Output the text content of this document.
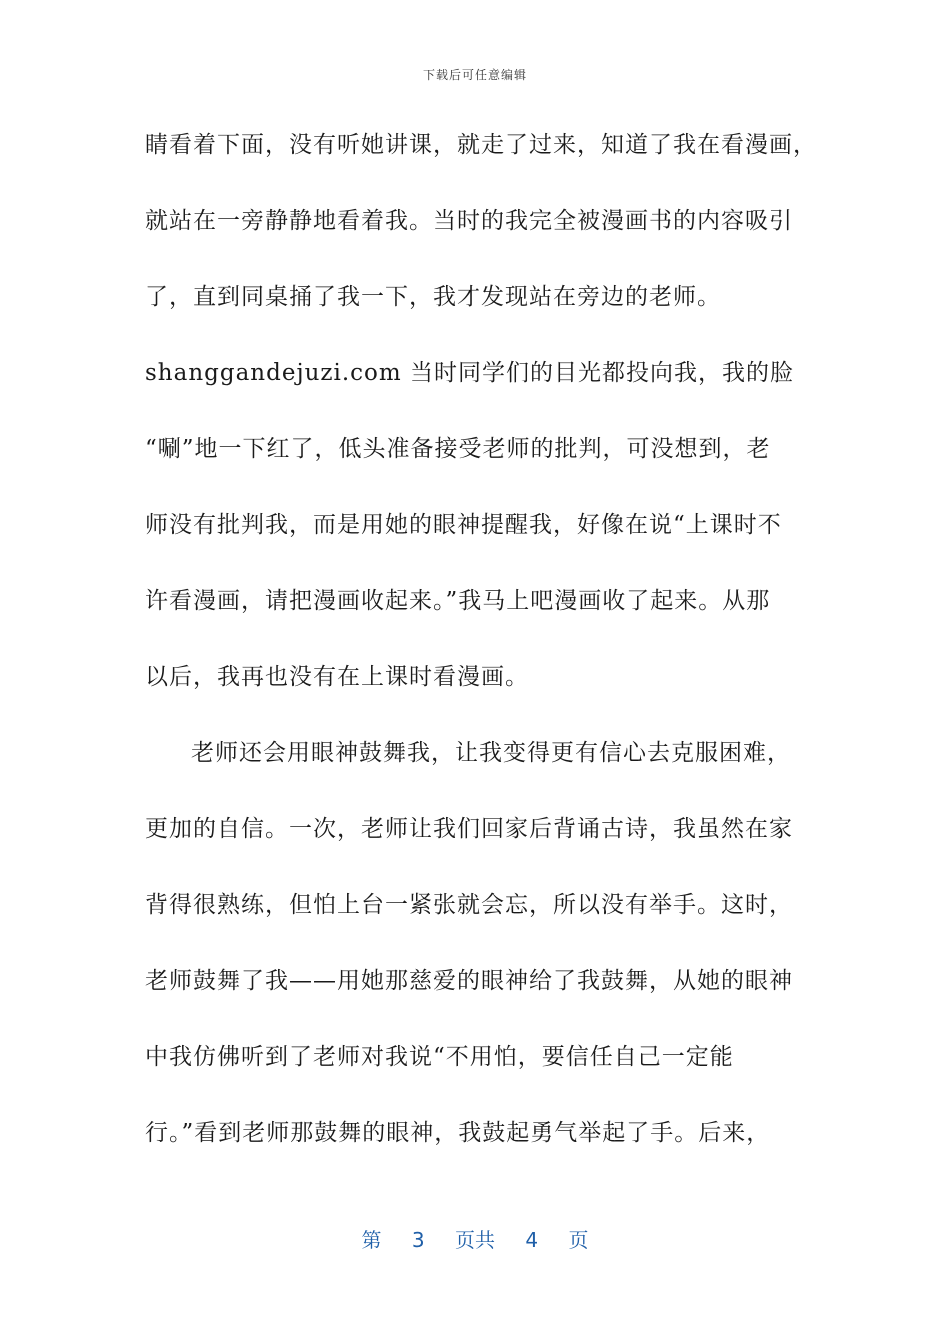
下载后可任意编辑
睛看着下面，没有听她讲课，就走了过来，知道了我在看漫画，
就站在一旁静静地看着我。当时的我完全被漫画书的内容吸引
了，直到同桌捅了我一下，我才发现站在旁边的老师。
shanggandejuzi.com 当时同学们的目光都投向我，我的脸
“唰”地一下红了，低头准备接受老师的批判，可没想到，老
师没有批判我，而是用她的眼神提醒我，好像在说“上课时不
许看漫画，请把漫画收起来。”我马上吧漫画收了起来。从那
以后，我再也没有在上课时看漫画。
老师还会用眼神鼓舞我，让我变得更有信心去克服困难，
更加的自信。一次，老师让我们回家后背诵古诗，我虽然在家
背得很熟练，但怕上台一紧张就会忘，所以没有举手。这时，
老师鼓舞了我——用她那慈爱的眼神给了我鼓舞，从她的眼神
中我仿佛听到了老师对我说“不用怕，要信任自己一定能
行。”看到老师那鼓舞的眼神，我鼓起勇气举起了手。后来，
第 3 页共 4 页
